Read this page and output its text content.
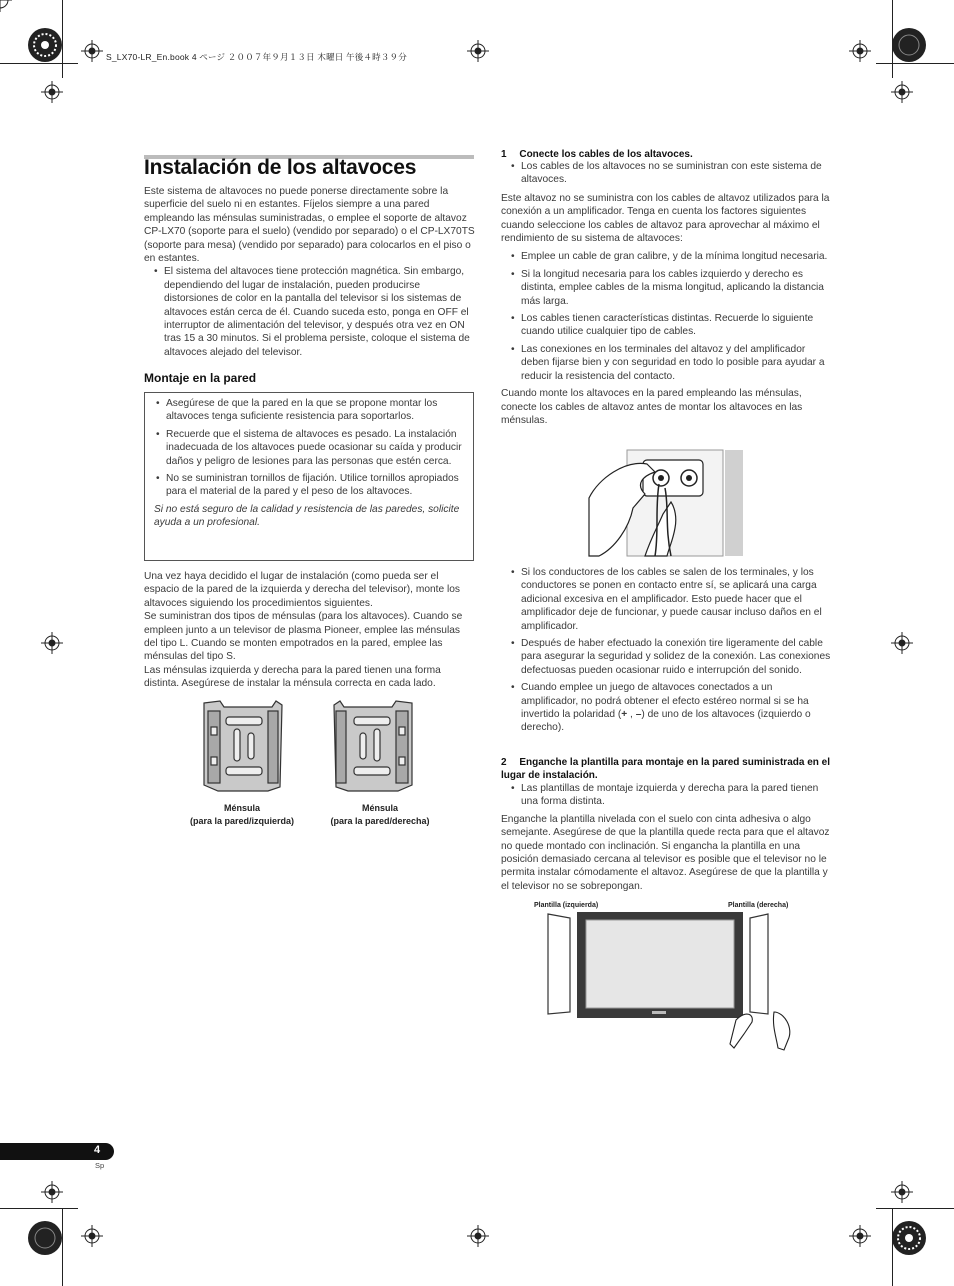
S_LX70-LR_En.book 4 ページ ２００７年９月１３日 木曜日 午後４時３９分
Instalación de los altavoces

Este sistema de altavoces no puede ponerse directamente sobre la superficie del suelo ni en estantes. Fíjelos siempre a una pared empleando las ménsulas suministradas, o emplee el soporte de altavoz CP-LX70 (soporte para el suelo) (vendido por separado) o el CP-LX70TS (soporte para mesa) (vendido por separado) para colocarlos en el piso o en estantes.

• El sistema del altavoces tiene protección magnética. Sin embargo, dependiendo del lugar de instalación, pueden producirse distorsiones de color en la pantalla del televisor si los sistemas de altavoces están cerca de él. Cuando suceda esto, ponga en OFF el interruptor de alimentación del televisor, y después otra vez en ON tras 15 a 30 minutos. Si el problema persiste, coloque el sistema de altavoces alejado del televisor.

Montaje en la pared

• Asegúrese de que la pared en la que se propone montar los altavoces tenga suficiente resistencia para soportarlos.

• Recuerde que el sistema de altavoces es pesado. La instalación inadecuada de los altavoces puede ocasionar su caída y producir daños y peligro de lesiones para las personas que estén cerca.

• No se suministran tornillos de fijación. Utilice tornillos apropiados para el material de la pared y el peso de los altavoces.

Si no está seguro de la calidad y resistencia de las paredes, solicite ayuda a un profesional.

Una vez haya decidido el lugar de instalación (como pueda ser el espacio de la pared de la izquierda y derecha del televisor), monte los altavoces siguiendo los procedimientos siguientes.

Se suministran dos tipos de ménsulas (para los altavoces). Cuando se empleen junto a un televisor de plasma Pioneer, emplee las ménsulas del tipo L. Cuando se monten empotrados en la pared, emplee las ménsulas del tipo S.

Las ménsulas izquierda y derecha para la pared tienen una forma distinta. Asegúrese de instalar la ménsula correcta en cada lado.

Ménsula
(para la pared/izquierda)
Ménsula
(para la pared/derecha)
1 Conecte los cables de los altavoces.

• Los cables de los altavoces no se suministran con este sistema de altavoces.

Este altavoz no se suministra con los cables de altavoz utilizados para la conexión a un amplificador. Tenga en cuenta los factores siguientes cuando seleccione los cables de altavoz para aprovechar al máximo el rendimiento de su sistema de altavoces:

• Emplee un cable de gran calibre, y de la mínima longitud necesaria.

• Si la longitud necesaria para los cables izquierdo y derecho es distinta, emplee cables de la misma longitud, aplicando la distancia más larga.

• Los cables tienen características distintas. Recuerde lo siguiente cuando utilice cualquier tipo de cables.

• Las conexiones en los terminales del altavoz y del amplificador deben fijarse bien y con seguridad en todo lo posible para ayudar a reducir la resistencia del contacto.

Cuando monte los altavoces en la pared empleando las ménsulas, conecte los cables de altavoz antes de montar los altavoces en las ménsulas.

• Si los conductores de los cables se salen de los terminales, y los conductores se ponen en contacto entre sí, se aplicará una carga adicional excesiva en el amplificador. Esto puede hacer que el amplificador deje de funcionar, y puede causar incluso daños en el amplificador.

• Después de haber efectuado la conexión tire ligeramente del cable para asegurar la seguridad y solidez de la conexión. Las conexiones defectuosas pueden ocasionar ruido e interrupción del sonido.

• Cuando emplee un juego de altavoces conectados a un amplificador, no podrá obtener el efecto estéreo normal si se ha invertido la polaridad (+ , –) de uno de los altavoces (izquierdo o derecho).

2 Enganche la plantilla para montaje en la pared suministrada en el lugar de instalación.

• Las plantillas de montaje izquierda y derecha para la pared tienen una forma distinta.

Enganche la plantilla nivelada con el suelo con cinta adhesiva o algo semejante. Asegúrese de que la plantilla quede recta para que el altavoz no quede montado con inclinación. Si engancha la plantilla en una posición demasiado cercana al televisor es posible que el televisor no le permita instalar cómodamente el altavoz. Asegúrese de que la plantilla y el televisor no se sobrepongan.

Plantilla (izquierda)	Plantilla (derecha)
4
Sp
